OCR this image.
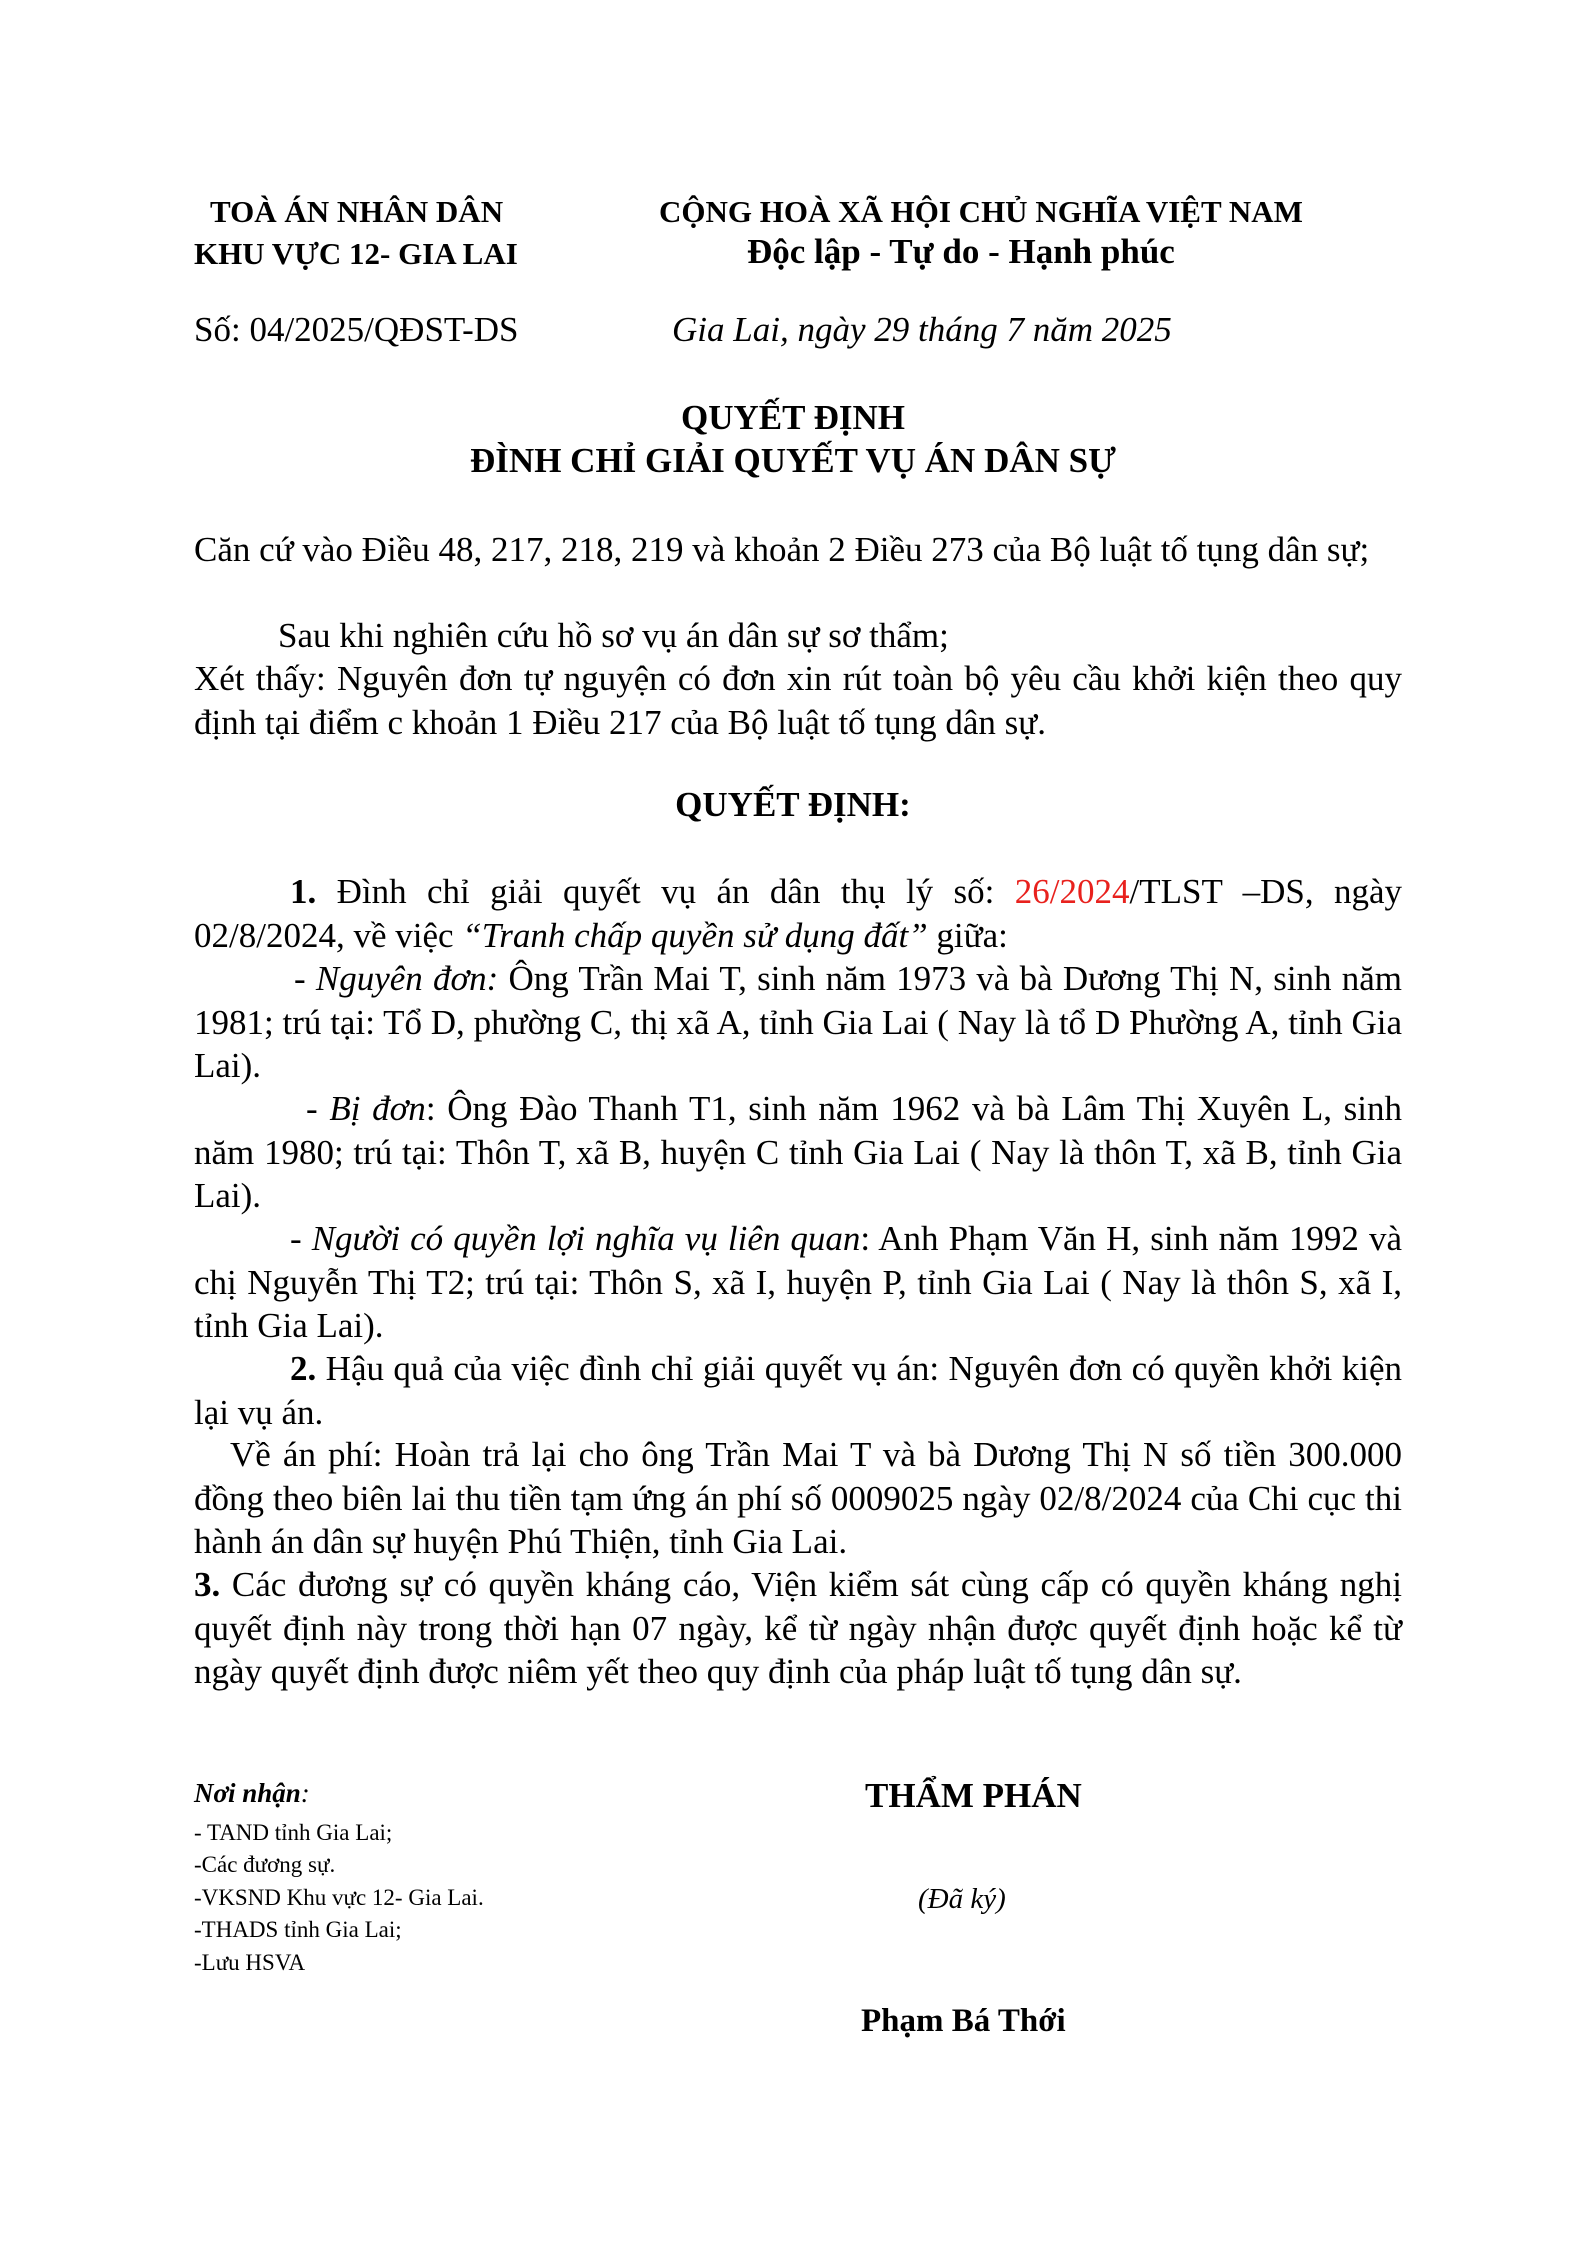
TOÀ ÁN NHÂN DÂN
KHU VỰC 12- GIA LAI
CỘNG HOÀ XÃ HỘI CHỦ NGHĨA VIỆT NAM
Độc lập - Tự do - Hạnh phúc
Số: 04/2025/QĐST-DS	Gia Lai, ngày 29 tháng 7 năm 2025
QUYẾT ĐỊNH
ĐÌNH CHỈ GIẢI QUYẾT VỤ ÁN DÂN SỰ
Căn cứ vào Điều 48, 217, 218, 219 và khoản 2 Điều 273 của Bộ luật tố tụng dân sự;
Sau khi nghiên cứu hồ sơ vụ án dân sự sơ thẩm;
Xét thấy: Nguyên đơn tự nguyện có đơn xin rút toàn bộ yêu cầu khởi kiện theo quy định tại điểm c khoản 1 Điều 217 của Bộ luật tố tụng dân sự.
QUYẾT ĐỊNH:
1. Đình chỉ giải quyết vụ án dân thụ lý số: 26/2024/TLST –DS, ngày 02/8/2024, về việc “Tranh chấp quyền sử dụng đất” giữa:
- Nguyên đơn: Ông Trần Mai T, sinh năm 1973 và bà Dương Thị N, sinh năm 1981; trú tại: Tổ D, phường C, thị xã A, tỉnh Gia Lai ( Nay là tổ D Phường A, tỉnh Gia Lai).
- Bị đơn: Ông Đào Thanh T1, sinh năm 1962 và bà Lâm Thị Xuyên L, sinh năm 1980; trú tại: Thôn T, xã B, huyện C tỉnh Gia Lai ( Nay là thôn T, xã B, tỉnh Gia Lai).
- Người có quyền lợi nghĩa vụ liên quan: Anh Phạm Văn H, sinh năm 1992 và chị Nguyễn Thị T2; trú tại: Thôn S, xã I, huyện P, tỉnh Gia Lai ( Nay là thôn S, xã I, tỉnh Gia Lai).
2. Hậu quả của việc đình chỉ giải quyết vụ án: Nguyên đơn có quyền khởi kiện lại vụ án.
Về án phí: Hoàn trả lại cho ông Trần Mai T và bà Dương Thị N số tiền 300.000 đồng theo biên lai thu tiền tạm ứng án phí số 0009025 ngày 02/8/2024 của Chi cục thi hành án dân sự huyện Phú Thiện, tỉnh Gia Lai.
3. Các đương sự có quyền kháng cáo, Viện kiểm sát cùng cấp có quyền kháng nghị quyết định này trong thời hạn 07 ngày, kể từ ngày nhận được quyết định hoặc kể từ ngày quyết định được niêm yết theo quy định của pháp luật tố tụng dân sự.
Nơi nhận:
- TAND tỉnh Gia Lai;
-Các đương sự.
-VKSND Khu vực 12- Gia Lai.
-THADS tỉnh Gia Lai;
-Lưu HSVA
THẨM PHÁN
(Đã ký)
Phạm Bá Thới
